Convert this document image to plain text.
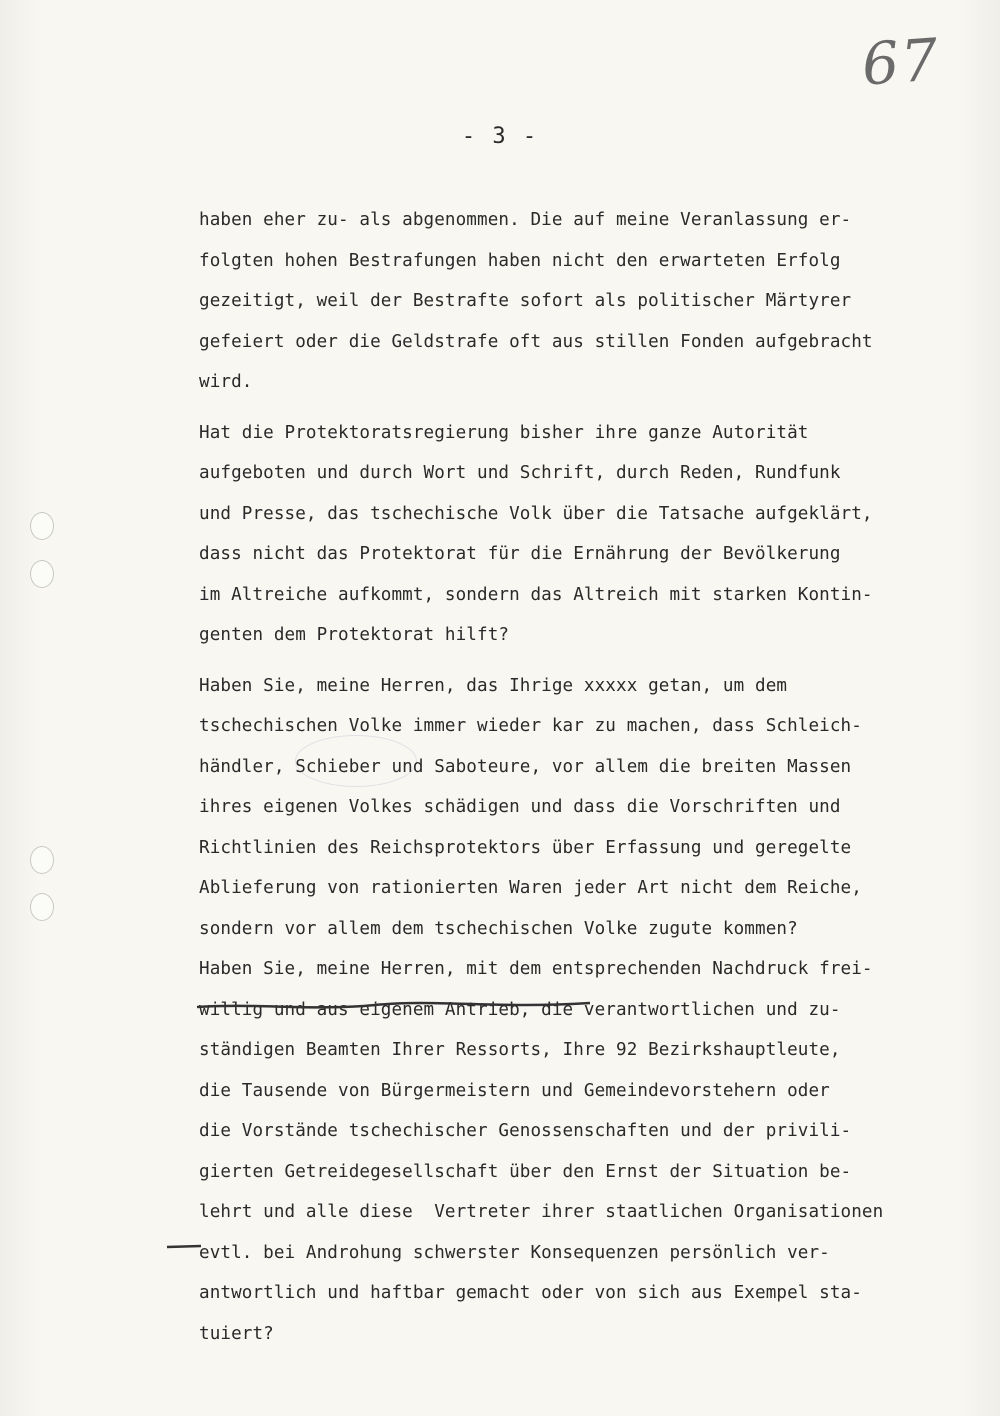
67
- 3 -
haben eher zu- als abgenommen. Die auf meine Veranlassung er-
folgten hohen Bestrafungen haben nicht den erwarteten Erfolg
gezeitigt, weil der Bestrafte sofort als politischer Märtyrer
gefeiert oder die Geldstrafe oft aus stillen Fonden aufgebracht
wird.
Hat die Protektoratsregierung bisher ihre ganze Autorität
aufgeboten und durch Wort und Schrift, durch Reden, Rundfunk
und Presse, das tschechische Volk über die Tatsache aufgeklärt,
dass nicht das Protektorat für die Ernährung der Bevölkerung
im Altreiche aufkommt, sondern das Altreich mit starken Kontin-
genten dem Protektorat hilft?
Haben Sie, meine Herren, das Ihrige xxxxx getan, um dem
tschechischen Volke immer wieder kar zu machen, dass Schleich-
händler, Schieber und Saboteure, vor allem die breiten Massen
ihres eigenen Volkes schädigen und dass die Vorschriften und
Richtlinien des Reichsprotektors über Erfassung und geregelte
Ablieferung von rationierten Waren jeder Art nicht dem Reiche,
sondern vor allem dem tschechischen Volke zugute kommen?
Haben Sie, meine Herren, mit dem entsprechenden Nachdruck frei-
willig und aus eigenem Antrieb, die verantwortlichen und zu-
ständigen Beamten Ihrer Ressorts, Ihre 92 Bezirkshauptleute,
die Tausende von Bürgermeistern und Gemeindevorstehern oder
die Vorstände tschechischer Genossenschaften und der privili-
gierten Getreidegesellschaft über den Ernst der Situation be-
lehrt und alle diese  Vertreter ihrer staatlichen Organisationen
evtl. bei Androhung schwerster Konsequenzen persönlich ver-
antwortlich und haftbar gemacht oder von sich aus Exempel sta-
tuiert?
